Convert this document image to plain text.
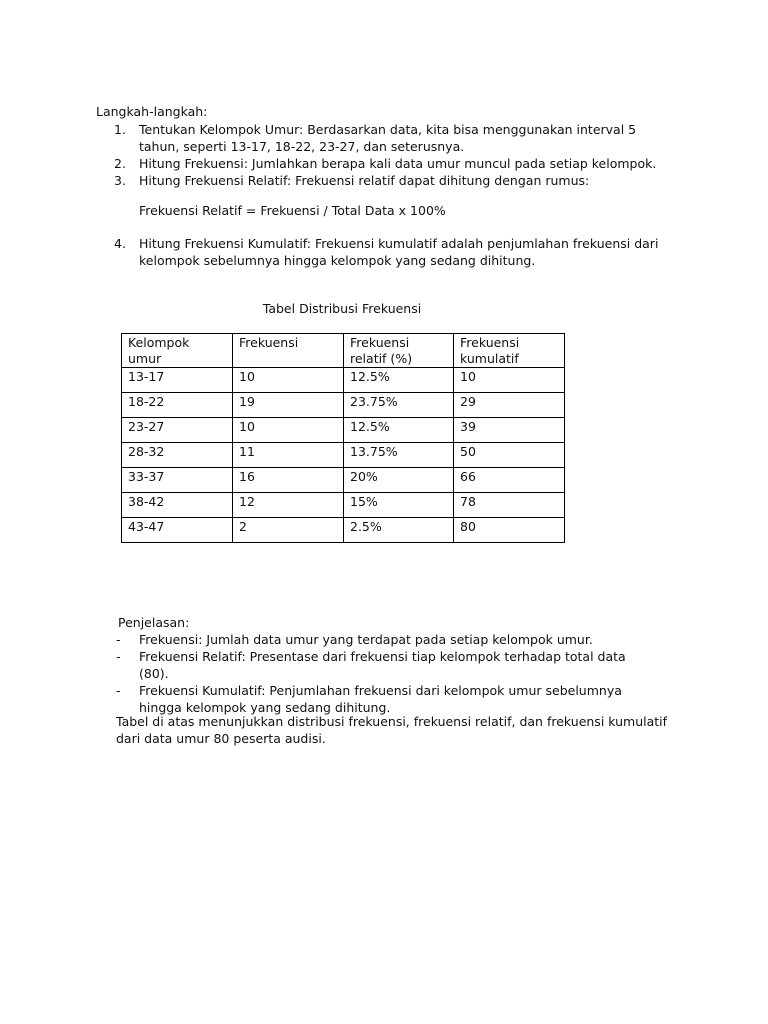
Langkah-langkah:
1. Tentukan Kelompok Umur: Berdasarkan data, kita bisa menggunakan interval 5 tahun, seperti 13-17, 18-22, 23-27, dan seterusnya.
2. Hitung Frekuensi: Jumlahkan berapa kali data umur muncul pada setiap kelompok.
3. Hitung Frekuensi Relatif: Frekuensi relatif dapat dihitung dengan rumus:
Frekuensi Relatif = Frekuensi / Total Data x 100%
4. Hitung Frekuensi Kumulatif: Frekuensi kumulatif adalah penjumlahan frekuensi dari kelompok sebelumnya hingga kelompok yang sedang dihitung.
Tabel Distribusi Frekuensi
Kelompok umur	Frekuensi	Frekuensi relatif (%)	Frekuensi kumulatif
13-17	10	12.5%	10
18-22	19	23.75%	29
23-27	10	12.5%	39
28-32	11	13.75%	50
33-37	16	20%	66
38-42	12	15%	78
43-47	2	2.5%	80
Penjelasan:
- Frekuensi: Jumlah data umur yang terdapat pada setiap kelompok umur.
- Frekuensi Relatif: Presentase dari frekuensi tiap kelompok terhadap total data (80).
- Frekuensi Kumulatif: Penjumlahan frekuensi dari kelompok umur sebelumnya hingga kelompok yang sedang dihitung.
Tabel di atas menunjukkan distribusi frekuensi, frekuensi relatif, dan frekuensi kumulatif dari data umur 80 peserta audisi.
